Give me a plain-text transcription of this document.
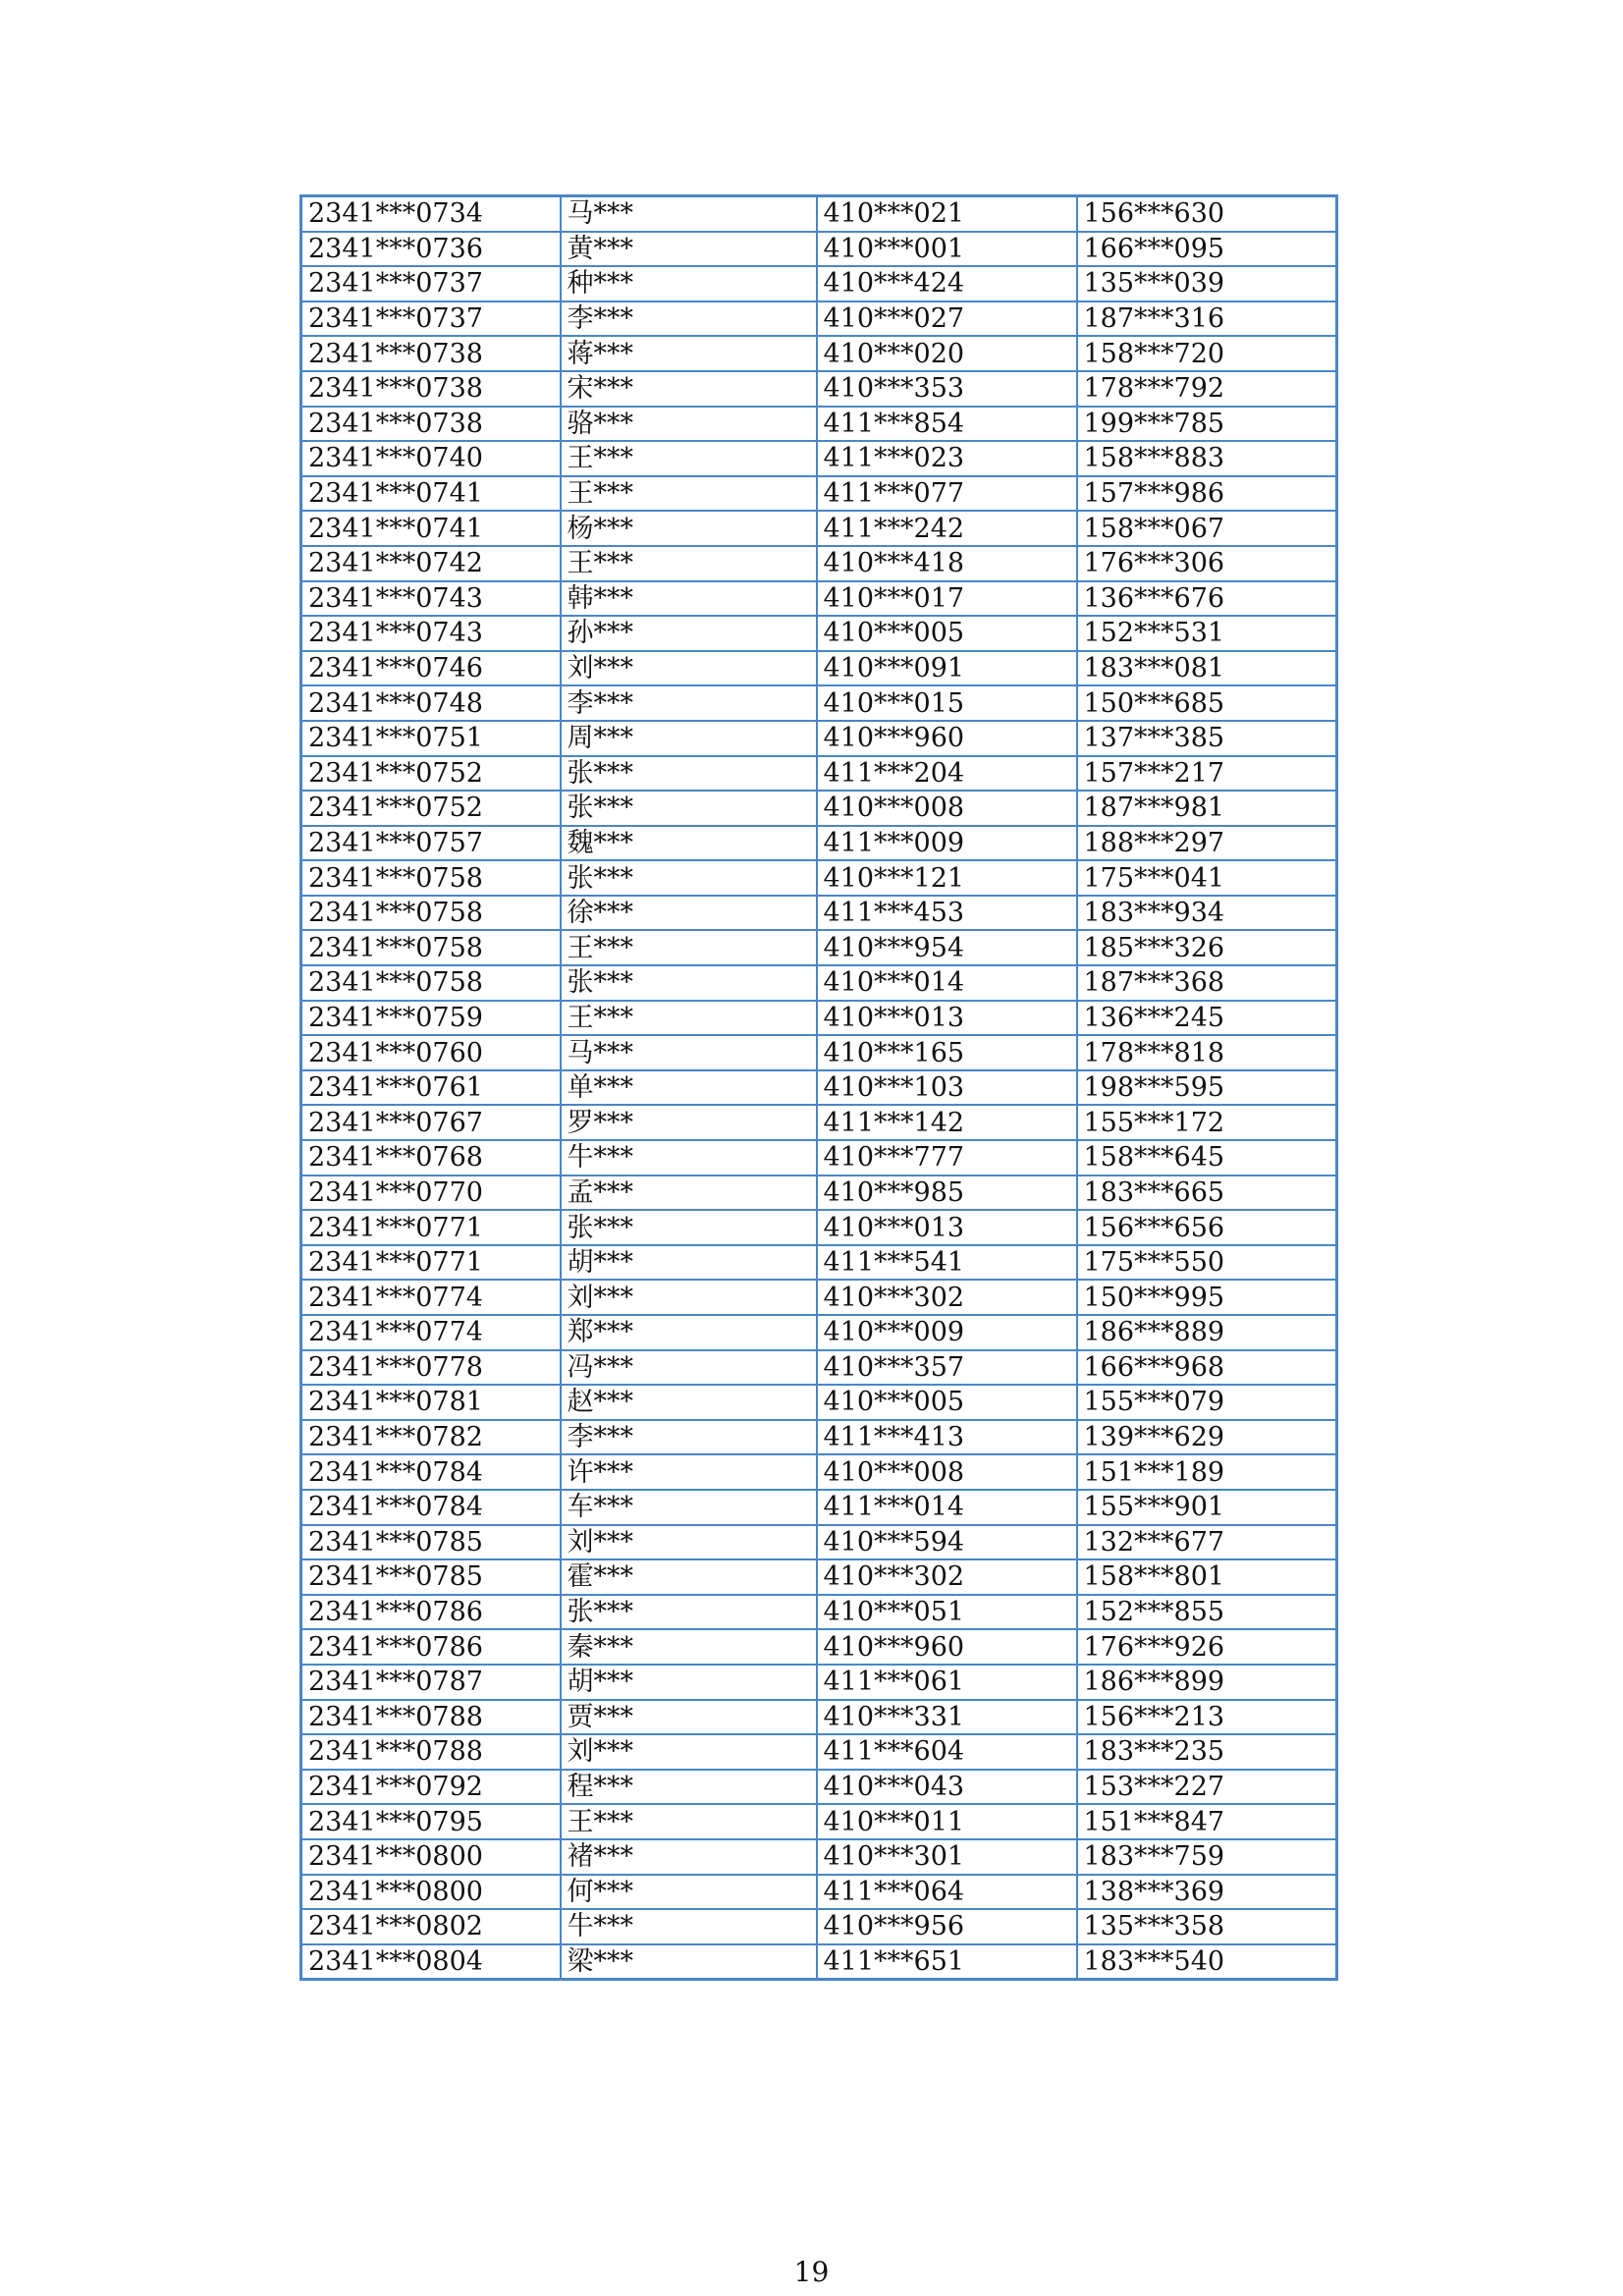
2341***0734	马***	410***021	156***630
2341***0736	黄***	410***001	166***095
2341***0737	种***	410***424	135***039
2341***0737	李***	410***027	187***316
2341***0738	蒋***	410***020	158***720
2341***0738	宋***	410***353	178***792
2341***0738	骆***	411***854	199***785
2341***0740	王***	411***023	158***883
2341***0741	王***	411***077	157***986
2341***0741	杨***	411***242	158***067
2341***0742	王***	410***418	176***306
2341***0743	韩***	410***017	136***676
2341***0743	孙***	410***005	152***531
2341***0746	刘***	410***091	183***081
2341***0748	李***	410***015	150***685
2341***0751	周***	410***960	137***385
2341***0752	张***	411***204	157***217
2341***0752	张***	410***008	187***981
2341***0757	魏***	411***009	188***297
2341***0758	张***	410***121	175***041
2341***0758	徐***	411***453	183***934
2341***0758	王***	410***954	185***326
2341***0758	张***	410***014	187***368
2341***0759	王***	410***013	136***245
2341***0760	马***	410***165	178***818
2341***0761	单***	410***103	198***595
2341***0767	罗***	411***142	155***172
2341***0768	牛***	410***777	158***645
2341***0770	孟***	410***985	183***665
2341***0771	张***	410***013	156***656
2341***0771	胡***	411***541	175***550
2341***0774	刘***	410***302	150***995
2341***0774	郑***	410***009	186***889
2341***0778	冯***	410***357	166***968
2341***0781	赵***	410***005	155***079
2341***0782	李***	411***413	139***629
2341***0784	许***	410***008	151***189
2341***0784	车***	411***014	155***901
2341***0785	刘***	410***594	132***677
2341***0785	霍***	410***302	158***801
2341***0786	张***	410***051	152***855
2341***0786	秦***	410***960	176***926
2341***0787	胡***	411***061	186***899
2341***0788	贾***	410***331	156***213
2341***0788	刘***	411***604	183***235
2341***0792	程***	410***043	153***227
2341***0795	王***	410***011	151***847
2341***0800	褚***	410***301	183***759
2341***0800	何***	411***064	138***369
2341***0802	牛***	410***956	135***358
2341***0804	梁***	411***651	183***540
19
